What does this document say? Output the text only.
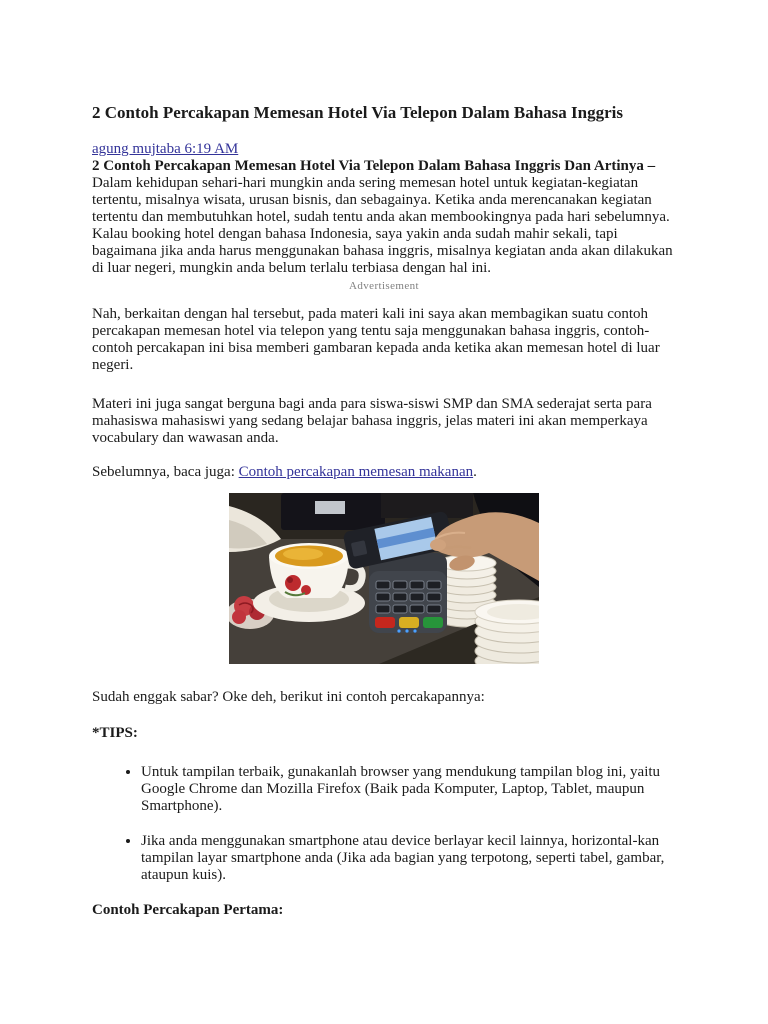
2 Contoh Percakapan Memesan Hotel Via Telepon Dalam Bahasa Inggris

agung mujtaba 6:19 AM

2 Contoh Percakapan Memesan Hotel Via Telepon Dalam Bahasa Inggris Dan Artinya – Dalam kehidupan sehari-hari mungkin anda sering memesan hotel untuk kegiatan-kegiatan tertentu, misalnya wisata, urusan bisnis, dan sebagainya. Ketika anda merencanakan kegiatan tertentu dan membutuhkan hotel, sudah tentu anda akan membookingnya pada hari sebelumnya. Kalau booking hotel dengan bahasa Indonesia, saya yakin anda sudah mahir sekali, tapi bagaimana jika anda harus menggunakan bahasa inggris, misalnya kegiatan anda akan dilakukan di luar negeri, mungkin anda belum terlalu terbiasa dengan hal ini.

Advertisement

Nah, berkaitan dengan hal tersebut, pada materi kali ini saya akan membagikan suatu contoh percakapan memesan hotel via telepon yang tentu saja menggunakan bahasa inggris, contoh-contoh percakapan ini bisa memberi gambaran kepada anda ketika akan memesan hotel di luar negeri.

Materi ini juga sangat berguna bagi anda para siswa-siswi SMP dan SMA sederajat serta para mahasiswa mahasiswi yang sedang belajar bahasa inggris, jelas materi ini akan memperkaya vocabulary dan wawasan anda.

Sebelumnya, baca juga: Contoh percakapan memesan makanan.

Sudah enggak sabar? Oke deh, berikut ini contoh percakapannya:

*TIPS:

• Untuk tampilan terbaik, gunakanlah browser yang mendukung tampilan blog ini, yaitu Google Chrome dan Mozilla Firefox (Baik pada Komputer, Laptop, Tablet, maupun Smartphone).
• Jika anda menggunakan smartphone atau device berlayar kecil lainnya, horizontal-kan tampilan layar smartphone anda (Jika ada bagian yang terpotong, seperti tabel, gambar, ataupun kuis).

Contoh Percakapan Pertama:
